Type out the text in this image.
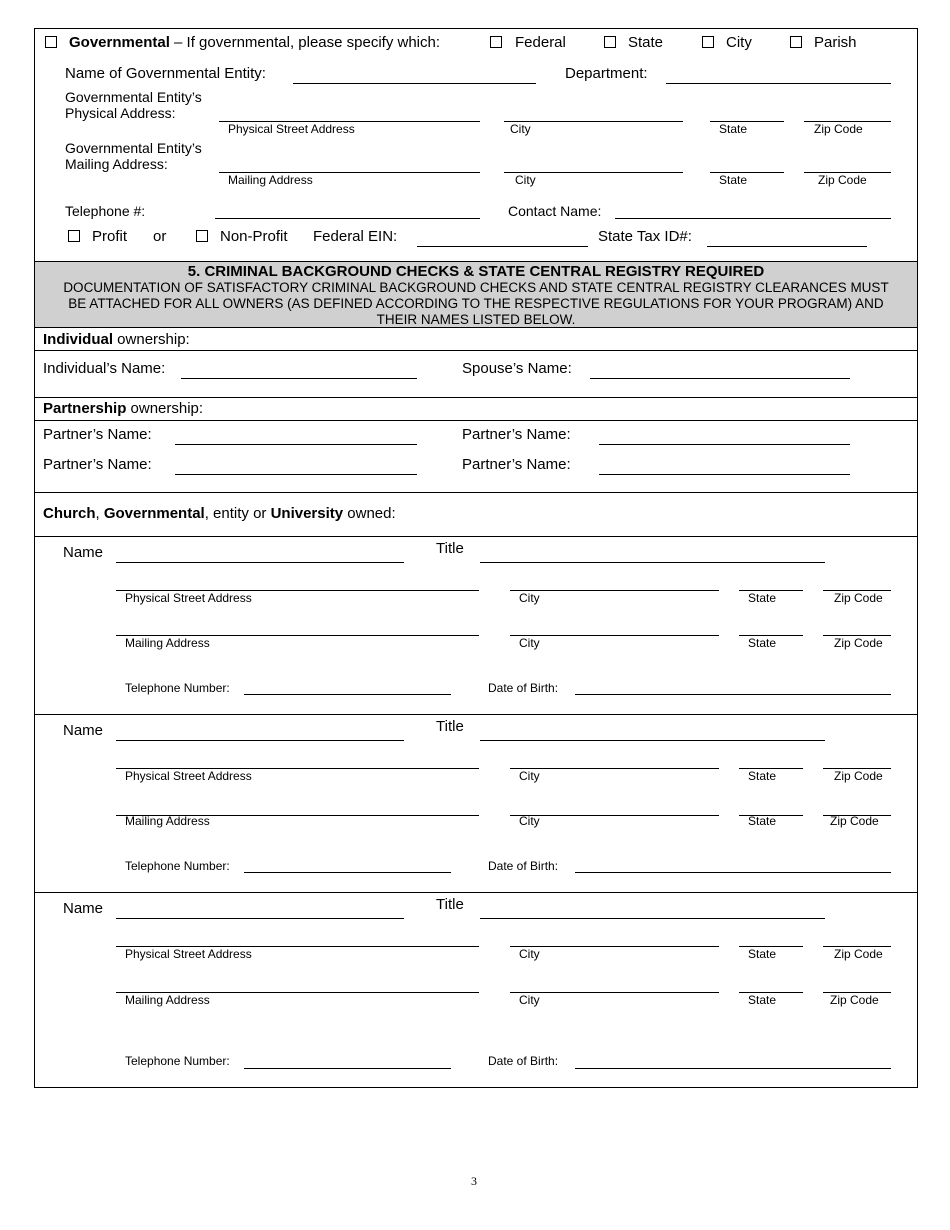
Governmental – If governmental, please specify which:	Federal	State	City	Parish
Name of Governmental Entity:	Department:
Governmental Entity’s
Physical Address:
Physical Street Address	City	State	Zip Code
Governmental Entity’s
Mailing Address:
Mailing Address	City	State	Zip Code
Telephone #:	Contact Name:
Profit or	Non-Profit Federal EIN:	State Tax ID#:
5. CRIMINAL BACKGROUND CHECKS & STATE CENTRAL REGISTRY REQUIRED
DOCUMENTATION OF SATISFACTORY CRIMINAL BACKGROUND CHECKS AND STATE CENTRAL REGISTRY CLEARANCES MUST
BE ATTACHED FOR ALL OWNERS (AS DEFINED ACCORDING TO THE RESPECTIVE REGULATIONS FOR YOUR PROGRAM) AND
THEIR NAMES LISTED BELOW.
Individual ownership:
Individual’s Name:	Spouse’s Name:
Partnership ownership:
Partner’s Name:	Partner’s Name:
Partner’s Name:	Partner’s Name:
Church, Governmental, entity or University owned:
Name	Title
Physical Street Address	City	State	Zip Code
Mailing Address	City	State	Zip Code
Telephone Number:	Date of Birth:
Name	Title
Physical Street Address	City	State	Zip Code
Mailing Address	City	State	Zip Code
Telephone Number:	Date of Birth:
Name	Title
Physical Street Address	City	State	Zip Code
Mailing Address	City	State	Zip Code
Telephone Number:	Date of Birth:
3
